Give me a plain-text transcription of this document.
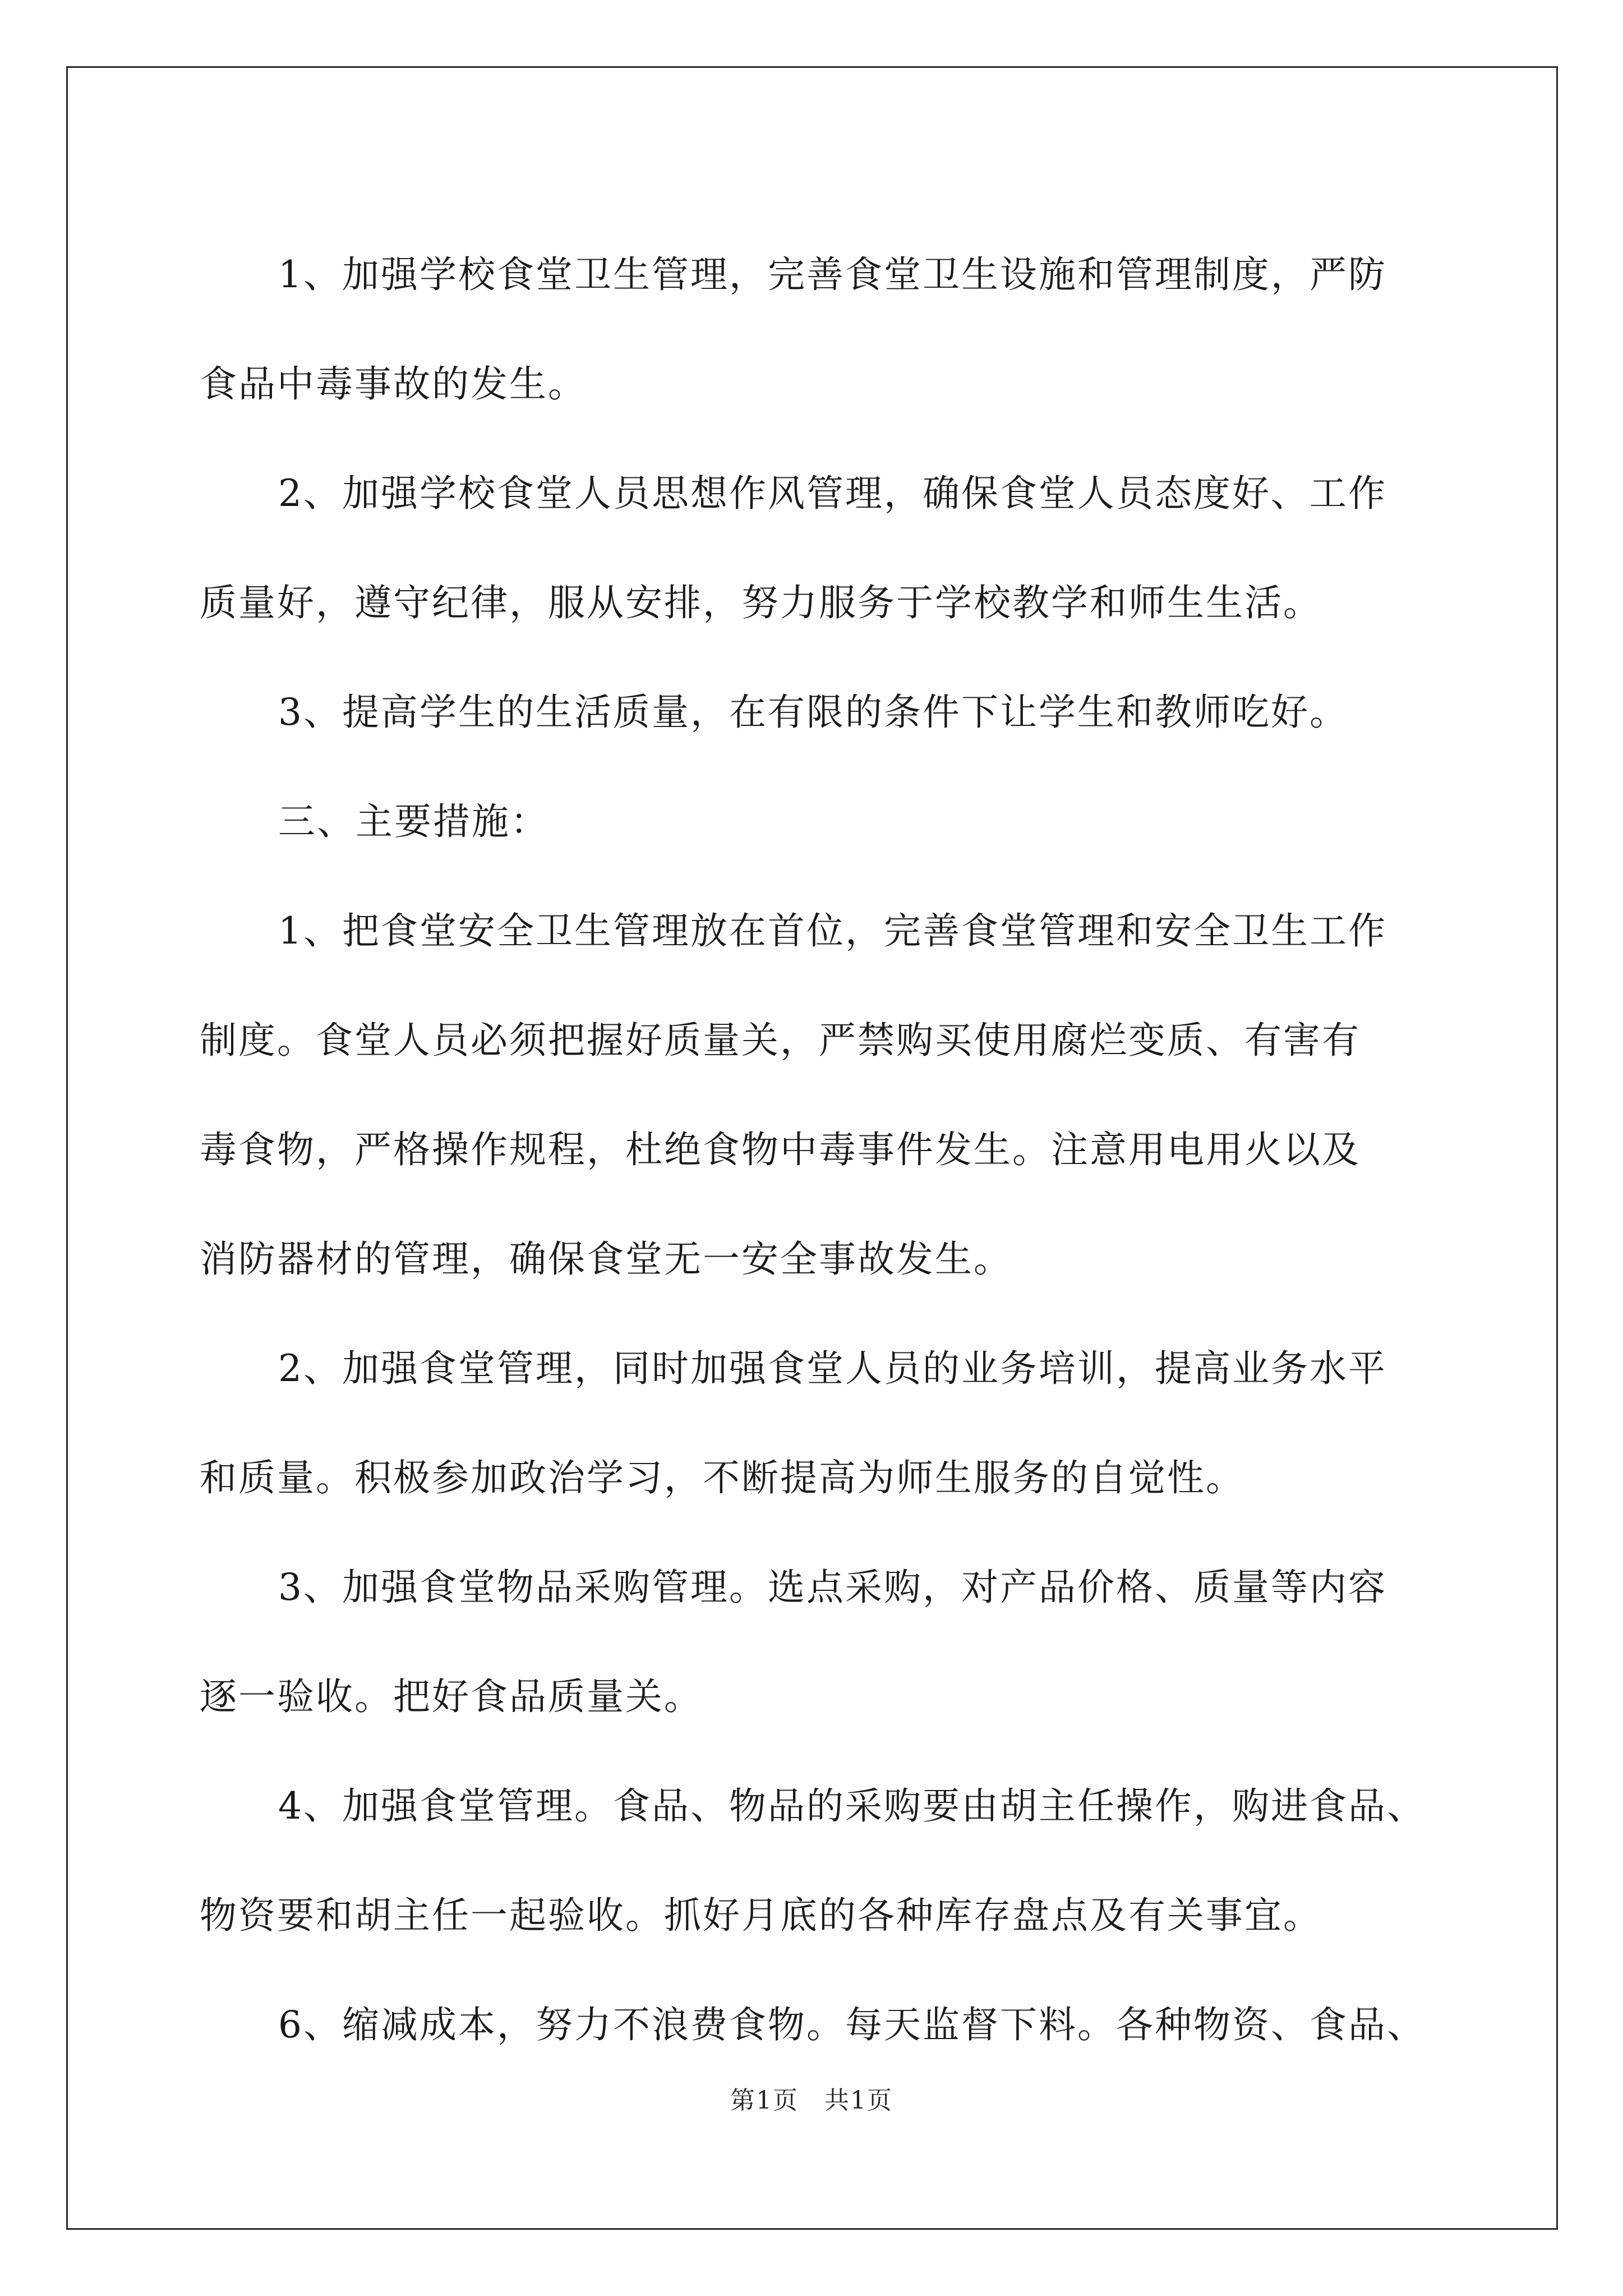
1、加强学校食堂卫生管理，完善食堂卫生设施和管理制度，严防
食品中毒事故的发生。
2、加强学校食堂人员思想作风管理，确保食堂人员态度好、工作
质量好，遵守纪律，服从安排，努力服务于学校教学和师生生活。
3、提高学生的生活质量，在有限的条件下让学生和教师吃好。
三、主要措施：
1、把食堂安全卫生管理放在首位，完善食堂管理和安全卫生工作
制度。食堂人员必须把握好质量关，严禁购买使用腐烂变质、有害有
毒食物，严格操作规程，杜绝食物中毒事件发生。注意用电用火以及
消防器材的管理，确保食堂无一安全事故发生。
2、加强食堂管理，同时加强食堂人员的业务培训，提高业务水平
和质量。积极参加政治学习，不断提高为师生服务的自觉性。
3、加强食堂物品采购管理。选点采购，对产品价格、质量等内容
逐一验收。把好食品质量关。
4、加强食堂管理。食品、物品的采购要由胡主任操作，购进食品、
物资要和胡主任一起验收。抓好月底的各种库存盘点及有关事宜。
6、缩减成本，努力不浪费食物。每天监督下料。各种物资、食品、
第1页　共1页
